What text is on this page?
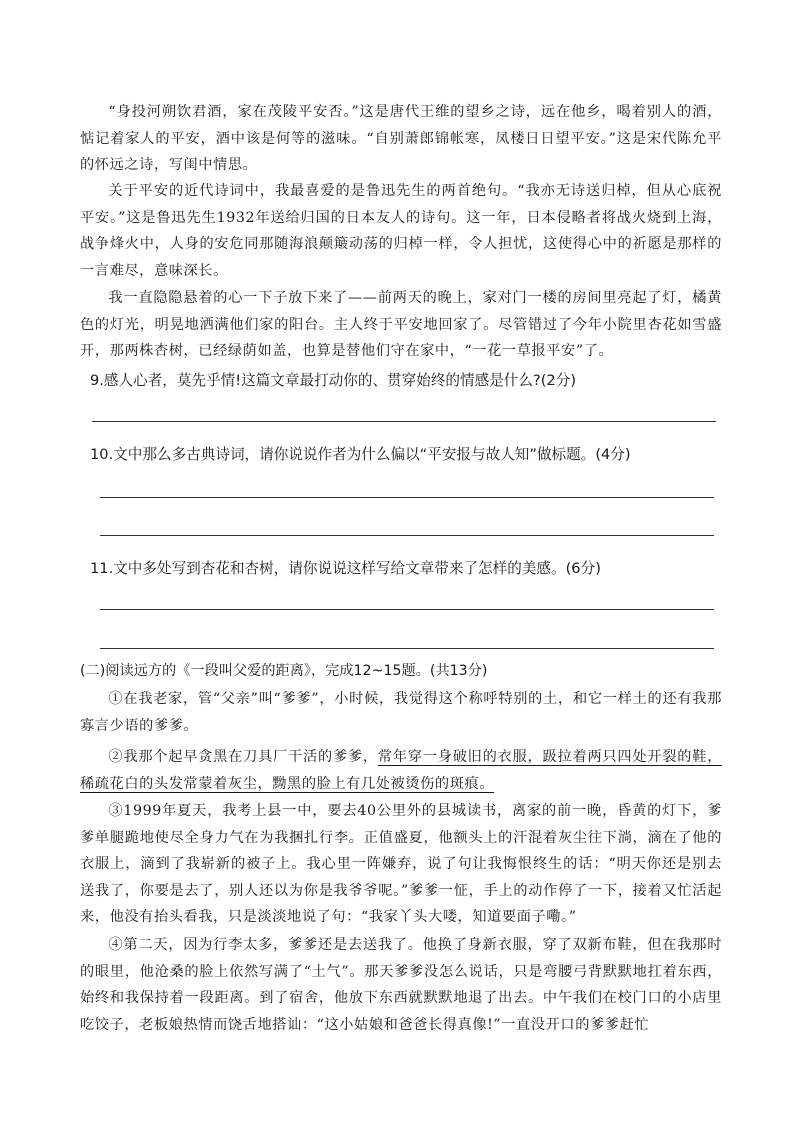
“身投河朔饮君酒，家在茂陵平安否。”这是唐代王维的望乡之诗，远在他乡，喝着别人的酒，惦记着家人的平安，酒中该是何等的滋味。“自别萧郎锦帐寒，凤楼日日望平安。”这是宋代陈允平的怀远之诗，写闺中情思。

关于平安的近代诗词中，我最喜爱的是鲁迅先生的两首绝句。“我亦无诗送归棹，但从心底祝平安。”这是鲁迅先生1932年送给归国的日本友人的诗句。这一年，日本侵略者将战火烧到上海，战争烽火中，人身的安危同那随海浪颠簸动荡的归棹一样，令人担忧，这使得心中的祈愿是那样的一言难尽，意味深长。

我一直隐隐悬着的心一下子放下来了——前两天的晚上，家对门一楼的房间里亮起了灯，橘黄色的灯光，明晃地洒满他们家的阳台。主人终于平安地回家了。尽管错过了今年小院里杏花如雪盛开，那两株杏树，已经绿荫如盖，也算是替他们守在家中，“一花一草报平安”了。

9.感人心者，莫先乎情!这篇文章最打动你的、贯穿始终的情感是什么?(2分)

10.文中那么多古典诗词，请你说说作者为什么偏以“平安报与故人知”做标题。(4分)

11.文中多处写到杏花和杏树，请你说说这样写给文章带来了怎样的美感。(6分)

(二)阅读远方的《一段叫父爱的距离》，完成12~15题。(共13分)

①在我老家，管“父亲”叫“爹爹”，小时候，我觉得这个称呼特别的土，和它一样土的还有我那寡言少语的爹爹。

②我那个起早贪黑在刀具厂干活的爹爹，常年穿一身破旧的衣服，趿拉着两只四处开裂的鞋，稀疏花白的头发常蒙着灰尘，黝黑的脸上有几处被烫伤的斑痕。

③1999年夏天，我考上县一中，要去40公里外的县城读书，离家的前一晚，昏黄的灯下，爹爹单腿跪地使尽全身力气在为我捆扎行李。正值盛夏，他额头上的汗混着灰尘往下淌，滴在了他的衣服上，滴到了我崭新的被子上。我心里一阵嫌弃，说了句让我悔恨终生的话：“明天你还是别去送我了，你要是去了，别人还以为你是我爷爷呢。”爹爹一怔，手上的动作停了一下，接着又忙活起来，他没有抬头看我，只是淡淡地说了句：“我家丫头大喽，知道要面子嘞。”

④第二天，因为行李太多，爹爹还是去送我了。他换了身新衣服，穿了双新布鞋，但在我那时的眼里，他沧桑的脸上依然写满了“土气”。那天爹爹没怎么说话，只是弯腰弓背默默地扛着东西，始终和我保持着一段距离。到了宿舍，他放下东西就默默地退了出去。中午我们在校门口的小店里吃饺子，老板娘热情而饶舌地搭讪：“这小姑娘和爸爸长得真像!”一直没开口的爹爹赶忙
